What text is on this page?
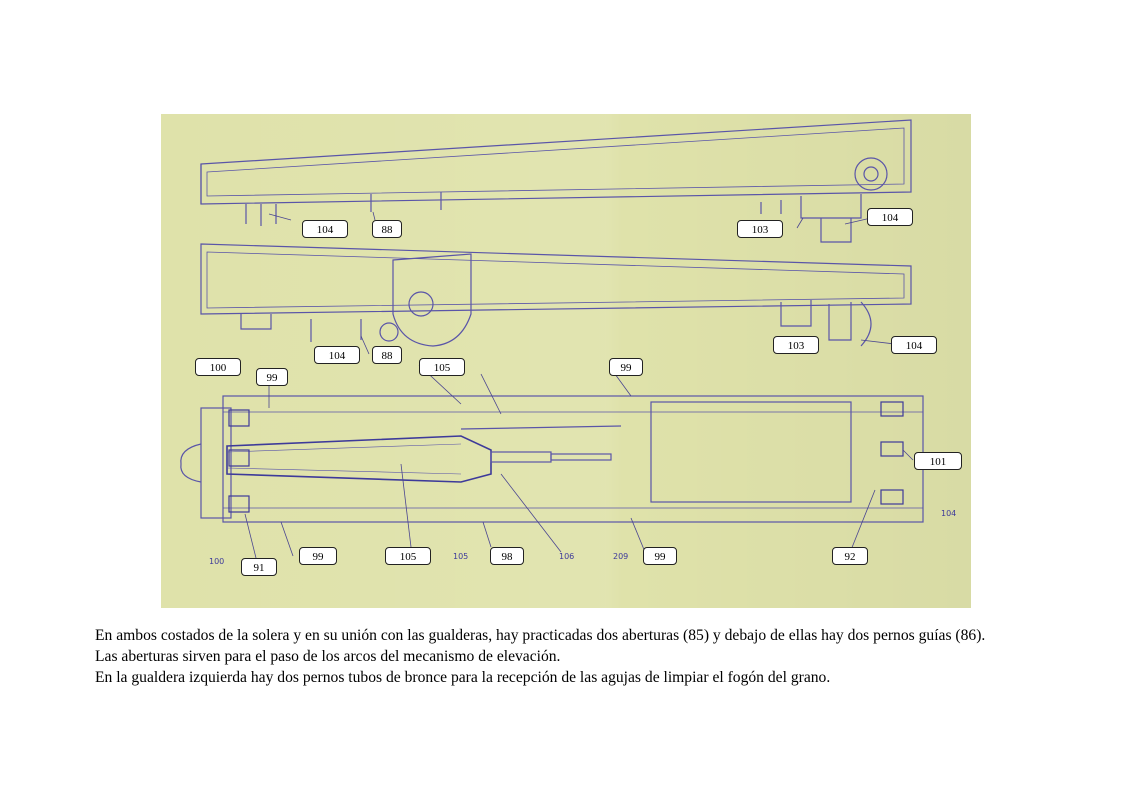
100
105	106	209
104
104	88	103
104
104	88
103	104
100
99
105	99
101
99	105	98	99	92
91

En ambos costados de la solera y en su unión con las gualderas, hay practicadas dos aberturas (85) y debajo de ellas hay dos pernos guías (86).

Las aberturas sirven para el paso de los arcos del mecanismo de elevación.

En la gualdera izquierda hay dos pernos tubos de bronce para la recepción de las agujas de limpiar el fogón del grano.
